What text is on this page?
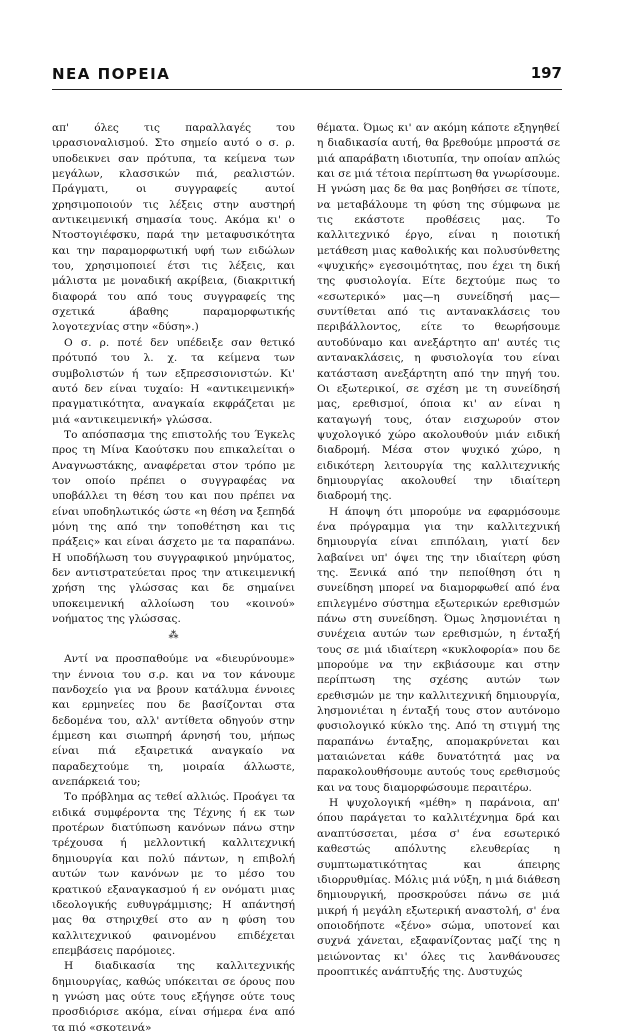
ΝΕΑ ΠΟΡΕΙΑ	197

απ' όλες τις παραλλαγές του ιρρασιοναλισμού. Στο σημείο αυτό ο σ. ρ. υποδεικνει σαν πρότυπα, τα κείμενα των μεγάλων, κλασσικών πιά, ρεαλιστών. Πράγματι, οι συγγραφείς αυτοί χρησιμοποιούν τις λέξεις στην αυστηρή αντικειμενική σημασία τους. Ακόμα κι' ο Ντοστογιέφσκυ, παρά την μεταφυσικότητα και την παραμορφωτική υφή των ειδώλων του, χρησιμοποιεί έτσι τις λέξεις, και μάλιστα με μοναδική ακρίβεια, (διακριτική διαφορά του από τους συγγραφείς της σχετικά άβαθης παραμορφωτικής λογοτεχνίας στην «δύση».)

Ο σ. ρ. ποτέ δεν υπέδειξε σαν θετικό πρότυπό του λ. χ. τα κείμενα των συμβολιστών ή των εξπρεσσιονιστών. Κι' αυτό δεν είναι τυχαίο: Η «αντικειμενική» πραγματικότητα, αναγκαία εκφράζεται με μιά «αντικειμενική» γλώσσα.

Το απόσπασμα της επιστολής του Έγκελς προς τη Μίνα Καούτσκυ που επικαλείται ο Αναγνωστάκης, αναφέρεται στον τρόπο με τον οποίο πρέπει ο συγγραφέας να υποβάλλει τη θέση του και που πρέπει να είναι υποδηλωτικός ώστε «η θέση να ξεπηδά μόνη της από την τοποθέτηση και τις πράξεις» και είναι άσχετο με τα παραπάνω. Η υποδήλωση του συγγραφικού μηνύματος, δεν αντιστρατεύεται προς την ατικειμενική χρήση της γλώσσας και δε σημαίνει υποκειμενική αλλοίωση του «κοινού» νοήματος της γλώσσας.

⁂

Αντί να προσπαθούμε να «διευρύνουμε» την έννοια του σ.ρ. και να τον κάνουμε πανδοχείο για να βρουν κατάλυμα έννοιες και ερμηνείες που δε βασίζονται στα δεδομένα του, αλλ' αντίθετα οδηγούν στην έμμεση και σιωπηρή άρνησή του, μήπως είναι πιά εξαιρετικά αναγκαίο να παραδεχτούμε τη, μοιραία άλλωστε, ανεπάρκειά του;

Το πρόβλημα ας τεθεί αλλιώς. Προάγει τα ειδικά συμφέροντα της Τέχνης ή εκ των προτέρων διατύπωση κανόνων πάνω στην τρέχουσα ή μελλοντική καλλιτεχνική δημιουργία και πολύ πάντων, η επιβολή αυτών των κανόνων με το μέσο του κρατικού εξαναγκασμού ή εν ονόματι μιας ιδεολογικής ευθυγράμμισης; Η απάντησή μας θα στηριχθεί στο αν η φύση του καλλιτεχνικού φαινομένου επιδέχεται επεμβάσεις παρόμοιες.

Η διαδικασία της καλλιτεχνικής δημιουργίας, καθώς υπόκειται σε όρους που η γνώση μας ούτε τους εξήγησε ούτε τους προσδιόρισε ακόμα, είναι σήμερα ένα από τα πιό «σκοτεινά»

θέματα. Όμως κι' αν ακόμη κάποτε εξηγηθεί η διαδικασία αυτή, θα βρεθούμε μπροστά σε μιά απαράβατη ιδιοτυπία, την οποίαν απλώς και σε μιά τέτοια περίπτωση θα γνωρίσουμε. Η γνώση μας δε θα μας βοηθήσει σε τίποτε, να μεταβάλουμε τη φύση της σύμφωνα με τις εκάστοτε προθέσεις μας. Το καλλιτεχνικό έργο, είναι η ποιοτική μετάθεση μιας καθολικής και πολυσύνθετης «ψυχικής» εγεσοιμότητας, που έχει τη δική της φυσιολογία. Είτε δεχτούμε πως το «εσωτερικό» μας—η συνείδησή μας—συντίθεται από τις αντανακλάσεις του περιβάλλοντος, είτε το θεωρήσουμε αυτοδύναμο και ανεξάρτητο απ' αυτές τις αντανακλάσεις, η φυσιολογία του είναι κατάσταση ανεξάρτητη από την πηγή του. Οι εξωτερικοί, σε σχέση με τη συνείδησή μας, ερεθισμοί, όποια κι' αν είναι η καταγωγή τους, όταν εισχωρούν στον ψυχολογικό χώρο ακολουθούν μιάν ειδική διαδρομή. Μέσα στον ψυχικό χώρο, η ειδικότερη λειτουργία της καλλιτεχνικής δημιουργίας ακολουθεί την ιδιαίτερη διαδρομή της.

Η άποψη ότι μπορούμε να εφαρμόσουμε ένα πρόγραμμα για την καλλιτεχνική δημιουργία είναι επιπόλαιη, γιατί δεν λαβαίνει υπ' όψει της την ιδιαίτερη φύση της. Ξενικά από την πεποίθηση ότι η συνείδηση μπορεί να διαμορφωθεί από ένα επιλεγμένο σύστημα εξωτερικών ερεθισμών πάνω στη συνείδηση. Όμως λησμονιέται η συνέχεια αυτών των ερεθισμών, η ένταξή τους σε μιά ιδιαίτερη «κυκλοφορία» που δε μπορούμε να την εκβιάσουμε και στην περίπτωση της σχέσης αυτών των ερεθισμών με την καλλιτεχνική δημιουργία, λησμονιέται η ένταξή τους στον αυτόνομο φυσιολογικό κύκλο της. Από τη στιγμή της παραπάνω ένταξης, απομακρύνεται και ματαιώνεται κάθε δυνατότητά μας να παρακολουθήσουμε αυτούς τους ερεθισμούς και να τους διαμορφώσουμε περαιτέρω.

Η ψυχολογική «μέθη» η παράνοια, απ' όπου παράγεται το καλλιτέχνημα δρά και αναπτύσσεται, μέσα σ' ένα εσωτερικό καθεστώς απόλυτης ελευθερίας η συμπτωματικότητας και άπειρης ιδιορρυθμίας. Μόλις μιά νύξη, η μιά διάθεση δημιουργική, προσκρούσει πάνω σε μιά μικρή ή μεγάλη εξωτερική αναστολή, σ' ένα οποιοδήποτε «ξένο» σώμα, υποτονεί και συχνά χάνεται, εξαφανίζοντας μαζί της η μειώνοντας κι' όλες τις λανθάνουσες προοπτικές ανάπτυξής της. Δυστυχώς
